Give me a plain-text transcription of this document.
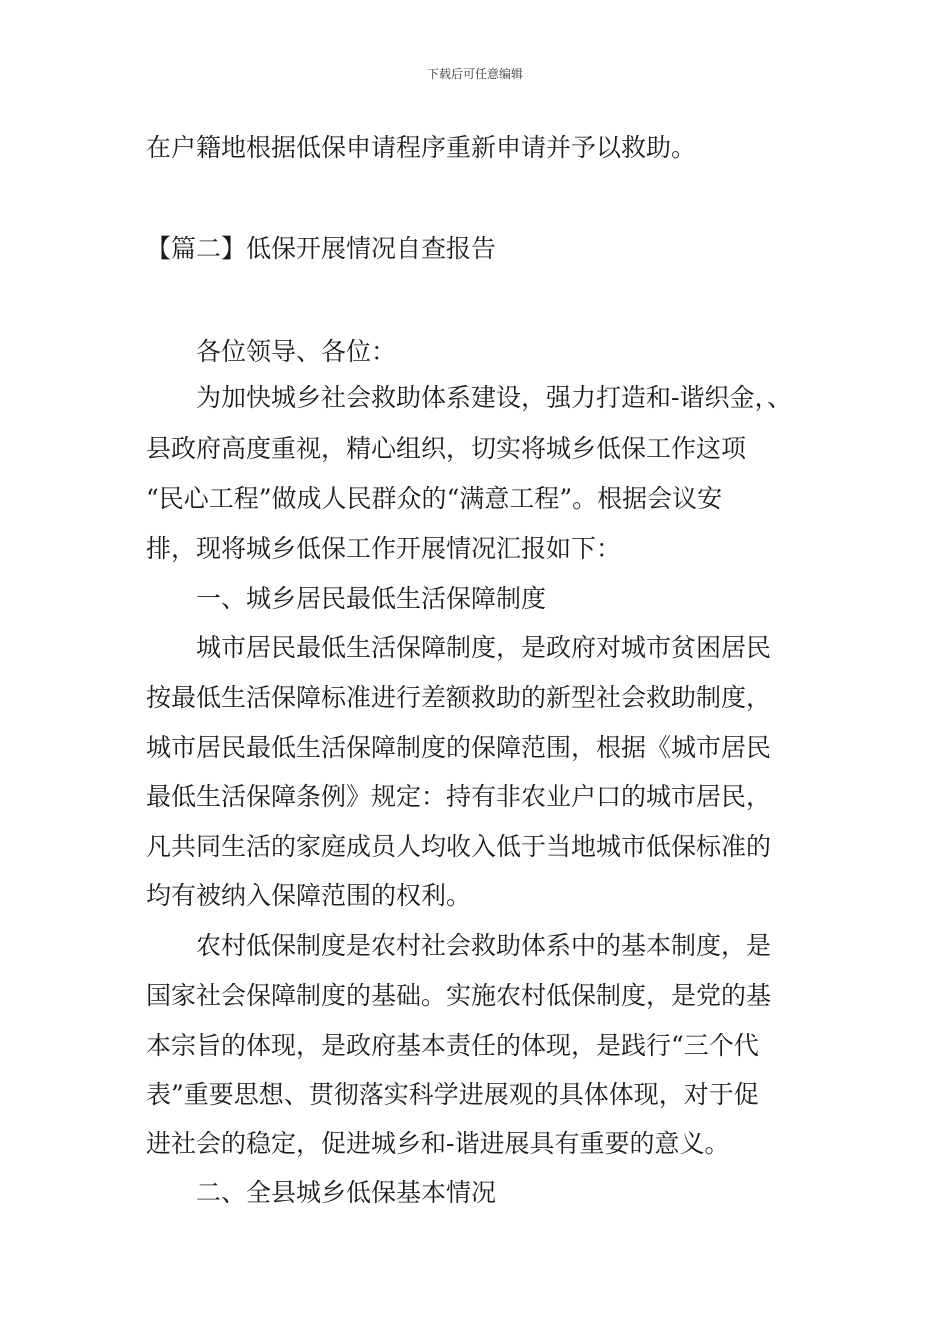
下载后可任意编辑
在户籍地根据低保申请程序重新申请并予以救助。
【篇二】低保开展情况自查报告
各位领导、各位：
为加快城乡社会救助体系建设，强力打造和-谐织金，、
县政府高度重视，精心组织，切实将城乡低保工作这项
“民心工程”做成人民群众的“满意工程”。根据会议安
排，现将城乡低保工作开展情况汇报如下：
一、城乡居民最低生活保障制度
城市居民最低生活保障制度，是政府对城市贫困居民
按最低生活保障标准进行差额救助的新型社会救助制度，
城市居民最低生活保障制度的保障范围，根据《城市居民
最低生活保障条例》规定：持有非农业户口的城市居民，
凡共同生活的家庭成员人均收入低于当地城市低保标准的
均有被纳入保障范围的权利。
农村低保制度是农村社会救助体系中的基本制度，是
国家社会保障制度的基础。实施农村低保制度，是党的基
本宗旨的体现，是政府基本责任的体现，是践行“三个代
表”重要思想、贯彻落实科学进展观的具体体现，对于促
进社会的稳定，促进城乡和-谐进展具有重要的意义。
二、全县城乡低保基本情况
